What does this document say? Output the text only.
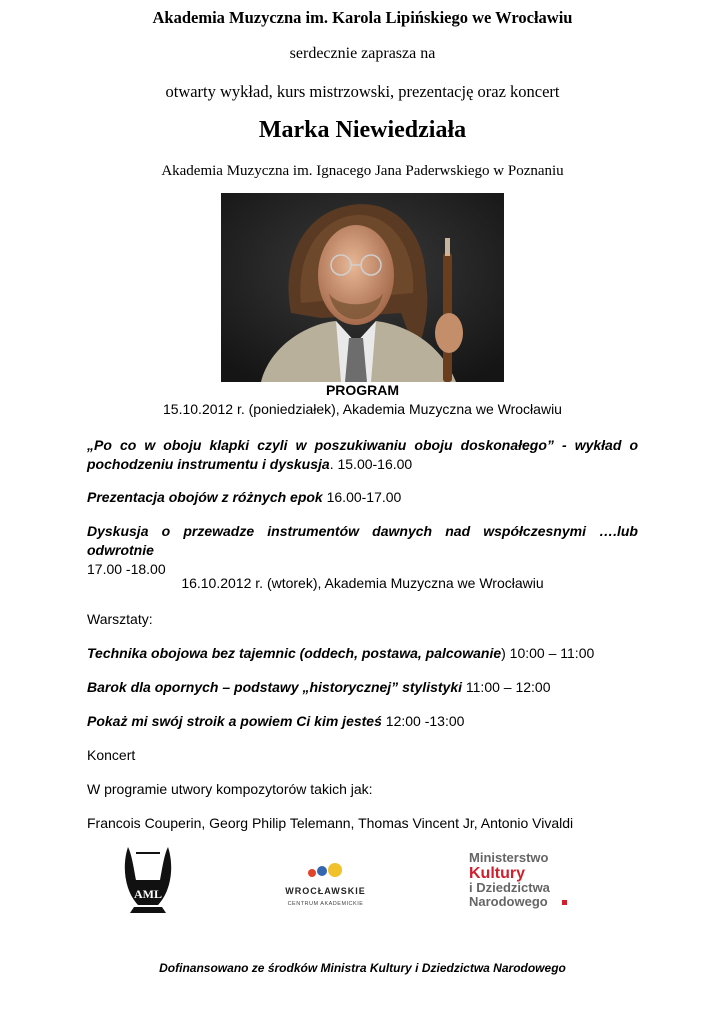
Akademia Muzyczna im. Karola Lipińskiego we Wrocławiu
serdecznie zaprasza na
otwarty wykład, kurs mistrzowski, prezentację oraz koncert
Marka Niewiedziała
Akademia Muzyczna im. Ignacego Jana Paderwskiego w Poznaniu
PROGRAM
15.10.2012 r. (poniedziałek), Akademia Muzyczna we Wrocławiu
„Po co w oboju klapki czyli w poszukiwaniu oboju doskonałego” - wykład o
pochodzeniu instrumentu i dyskusja. 15.00-16.00
Prezentacja obojów z różnych epok 16.00-17.00
Dyskusja o przewadze instrumentów dawnych nad współczesnymi ….lub odwrotnie
17.00 -18.00
16.10.2012 r. (wtorek), Akademia Muzyczna we Wrocławiu
Warsztaty:
Technika obojowa bez tajemnic (oddech, postawa, palcowanie) 10:00 – 11:00
Barok dla opornych – podstawy „historycznej” stylistyki 11:00 – 12:00
Pokaż mi swój stroik a powiem Ci kim jesteś 12:00 -13:00
Koncert
W programie utwory kompozytorów takich jak:
Francois Couperin, Georg Philip Telemann, Thomas Vincent Jr, Antonio Vivaldi
AML	WROCŁAWSKIE
CENTRUM AKADEMICKIE
Ministerstwo
Kultury
i Dziedzictwa
Narodowego
Dofinansowano ze środków Ministra Kultury i Dziedzictwa Narodowego
